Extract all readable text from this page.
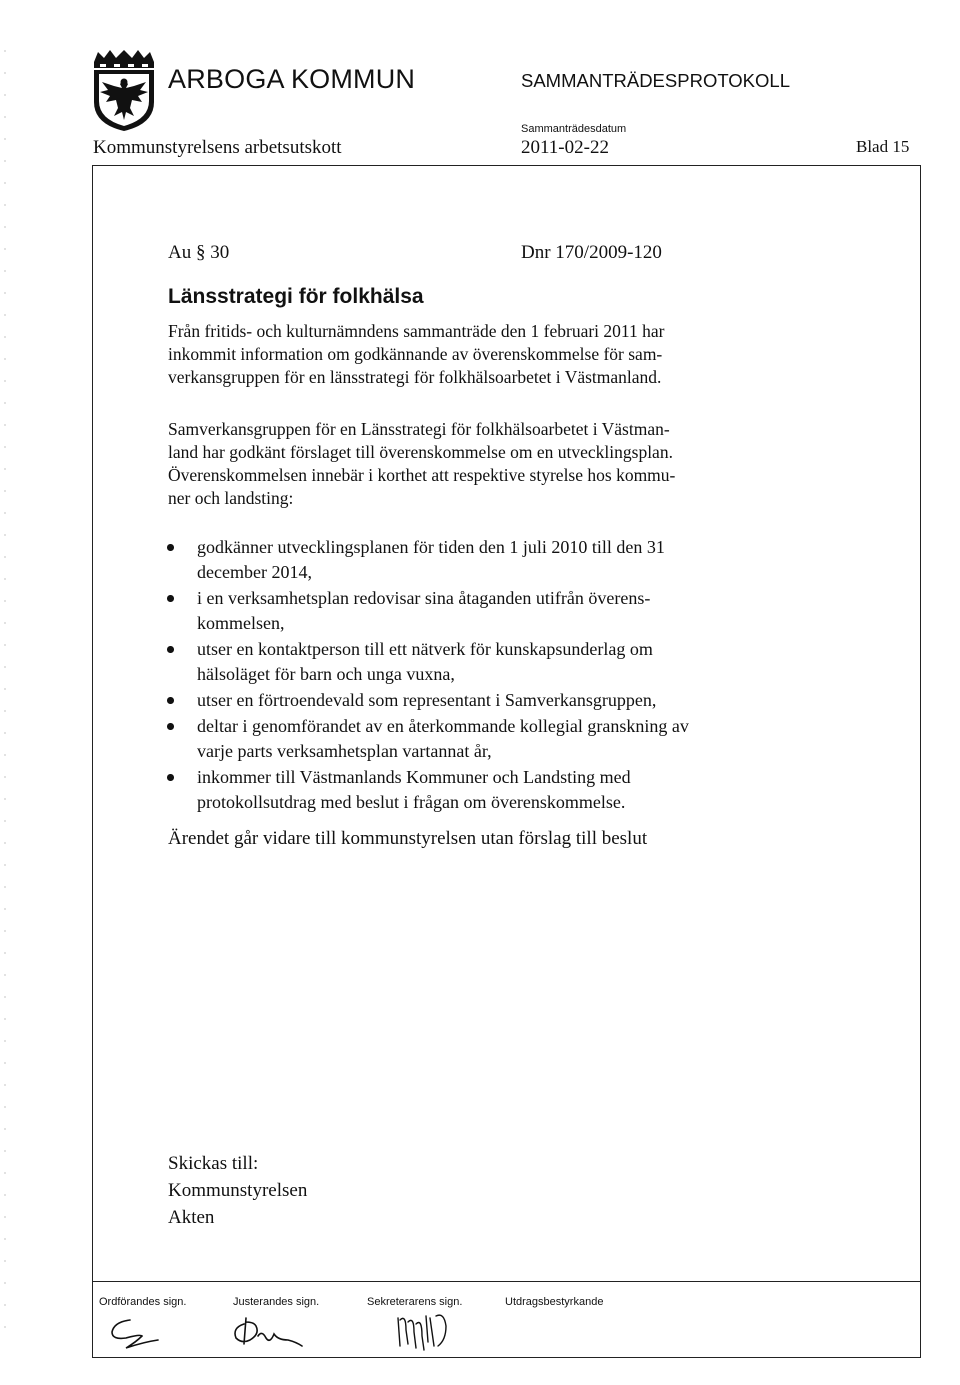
ARBOGA KOMMUN	SAMMANTRÄDESPROTOKOLL
Kommunstyrelsens arbetsutskott
Sammanträdesdatum
2011-02-22	Blad 15
Au § 30	Dnr 170/2009-120
Länsstrategi för folkhälsa
Från fritids- och kulturnämndens sammanträde den 1 februari 2011 har
inkommit information om godkännande av överenskommelse för sam-
verkansgruppen för en länsstrategi för folkhälsoarbetet i Västmanland.
Samverkansgruppen för en Länsstrategi för folkhälsoarbetet i Västman-
land har godkänt förslaget till överenskommelse om en utvecklingsplan.
Överenskommelsen innebär i korthet att respektive styrelse hos kommu-
ner och landsting:
godkänner utvecklingsplanen för tiden den 1 juli 2010 till den 31
december 2014,
i en verksamhetsplan redovisar sina åtaganden utifrån överens-
kommelsen,
utser en kontaktperson till ett nätverk för kunskapsunderlag om
hälsoläget för barn och unga vuxna,
utser en förtroendevald som representant i Samverkansgruppen,
deltar i genomförandet av en återkommande kollegial granskning av
varje parts verksamhetsplan vartannat år,
inkommer till Västmanlands Kommuner och Landsting med
protokollsutdrag med beslut i frågan om överenskommelse.
Ärendet går vidare till kommunstyrelsen utan förslag till beslut
Skickas till:
Kommunstyrelsen
Akten
Ordförandes sign.	Justerandes sign.	Sekreterarens sign.	Utdragsbestyrkande
